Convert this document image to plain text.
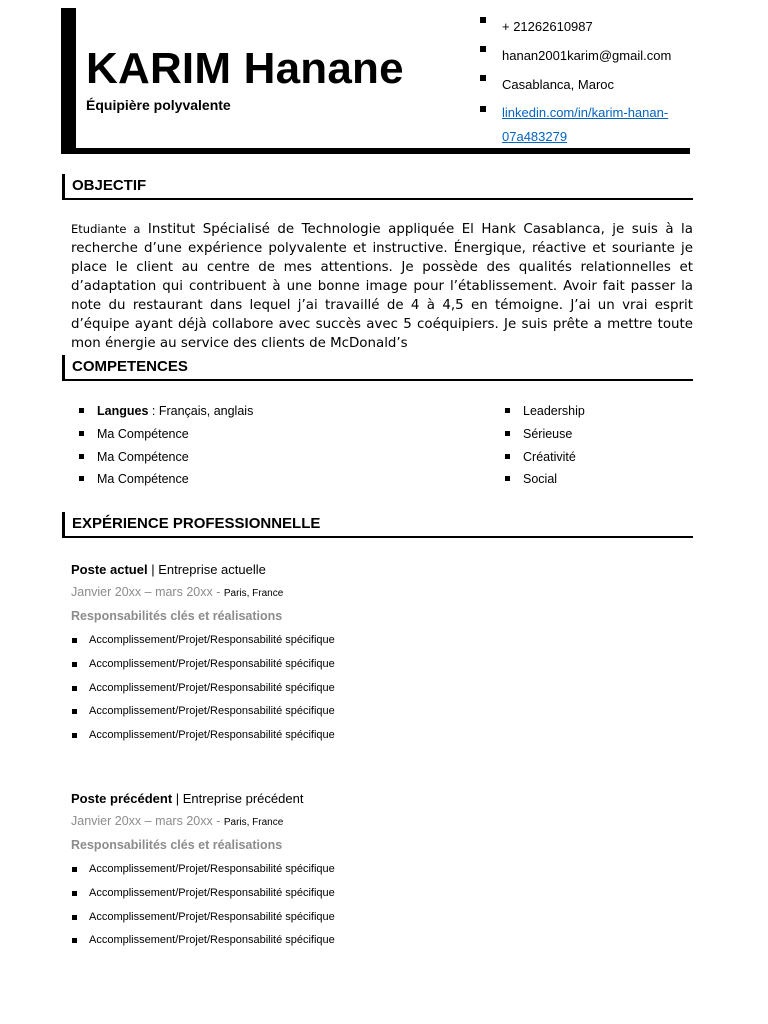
KARIM Hanane
Équipière polyvalente
+ 21262610987
hanan2001karim@gmail.com
Casablanca, Maroc
linkedin.com/in/karim-hanan-07a483279
OBJECTIF
Etudiante a Institut Spécialisé de Technologie appliquée El Hank Casablanca, je suis à la recherche d’une expérience polyvalente et instructive. Énergique, réactive et souriante je place le client au centre de mes attentions. Je possède des qualités relationnelles et d’adaptation qui contribuent à une bonne image pour l’établissement. Avoir fait passer la note du restaurant dans lequel j’ai travaillé de 4 à 4,5 en témoigne. J’ai un vrai esprit d’équipe ayant déjà collabore avec succès avec 5 coéquipiers. Je suis prête a mettre toute mon énergie au service des clients de McDonald’s
COMPETENCES
Langues : Français, anglais
Ma Compétence
Ma Compétence
Ma Compétence
Leadership
Sérieuse
Créativité
Social
EXPÉRIENCE PROFESSIONNELLE
Poste actuel | Entreprise actuelle
Janvier 20xx – mars 20xx - Paris, France
Responsabilités clés et réalisations
Accomplissement/Projet/Responsabilité spécifique
Accomplissement/Projet/Responsabilité spécifique
Accomplissement/Projet/Responsabilité spécifique
Accomplissement/Projet/Responsabilité spécifique
Accomplissement/Projet/Responsabilité spécifique
Poste précédent | Entreprise précédent
Janvier 20xx – mars 20xx - Paris, France
Responsabilités clés et réalisations
Accomplissement/Projet/Responsabilité spécifique
Accomplissement/Projet/Responsabilité spécifique
Accomplissement/Projet/Responsabilité spécifique
Accomplissement/Projet/Responsabilité spécifique
